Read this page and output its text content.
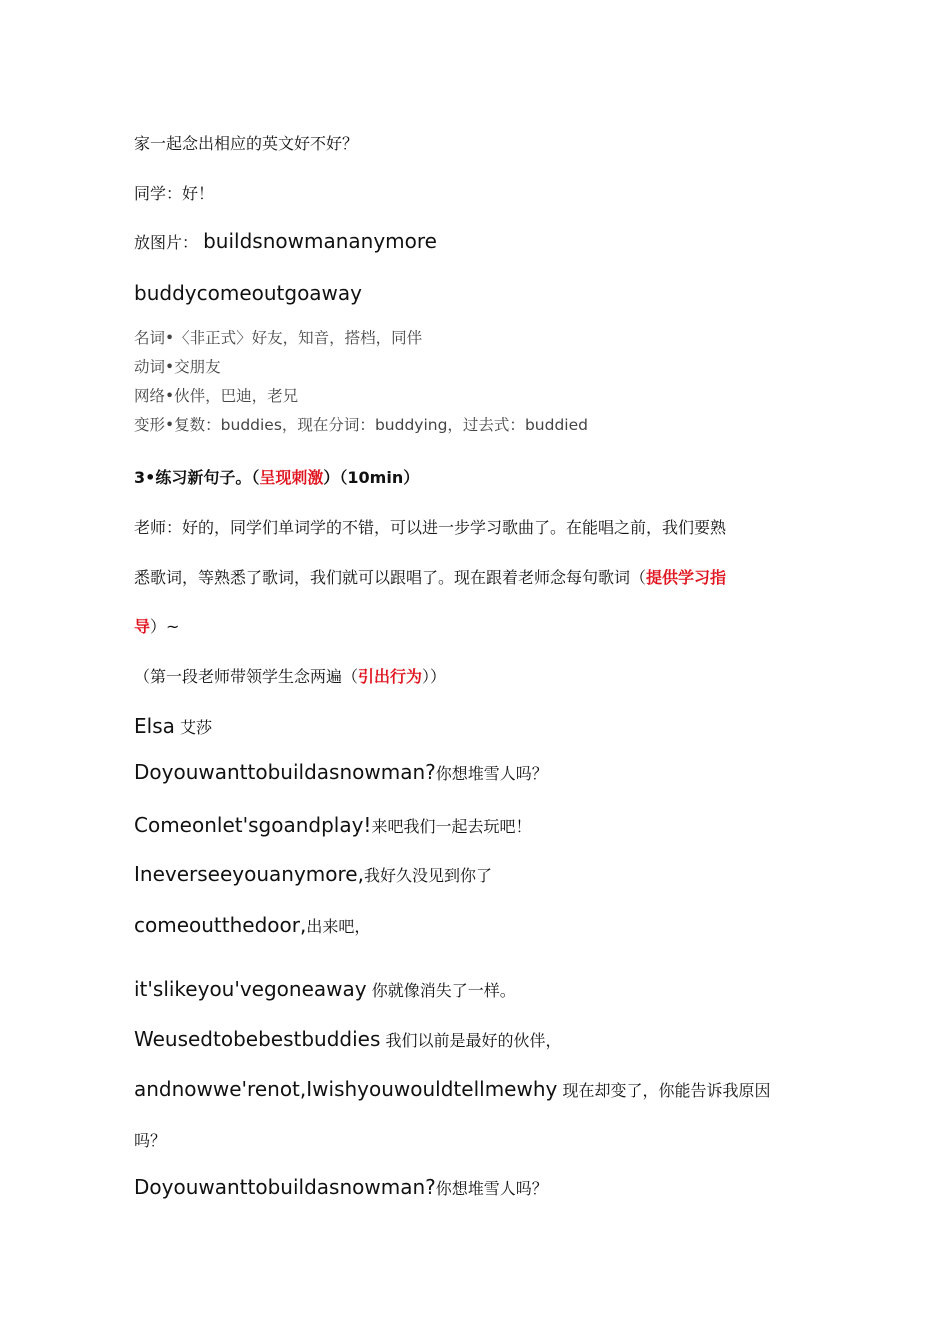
家一起念出相应的英文好不好？
同学：好！
放图片： buildsnowmananymore
buddycomeoutgoaway
名词•〈非正式〉好友，知音，搭档，同伴
动词•交朋友
网络•伙伴，巴迪，老兄
变形•复数：buddies，现在分词：buddying，过去式：buddied
3•练习新句子。（呈现刺激）（10min）
老师：好的，同学们单词学的不错，可以进一步学习歌曲了。在能唱之前，我们要熟
悉歌词，等熟悉了歌词，我们就可以跟唱了。现在跟着老师念每句歌词（提供学习指
导）~
（第一段老师带领学生念两遍（引出行为））
Elsa 艾莎
Doyouwanttobuildasnowman?你想堆雪人吗？
Comeonlet'sgoandplay!来吧我们一起去玩吧！
Ineverseeyouanymore,我好久没见到你了
comeoutthedoor,出来吧，
it'slikeyou'vegoneaway 你就像消失了一样。
Weusedtobebestbuddies 我们以前是最好的伙伴，
andnowwe'renot,Iwishyouwouldtellmewhy 现在却变了，你能告诉我原因
吗？
Doyouwanttobuildasnowman?你想堆雪人吗？
